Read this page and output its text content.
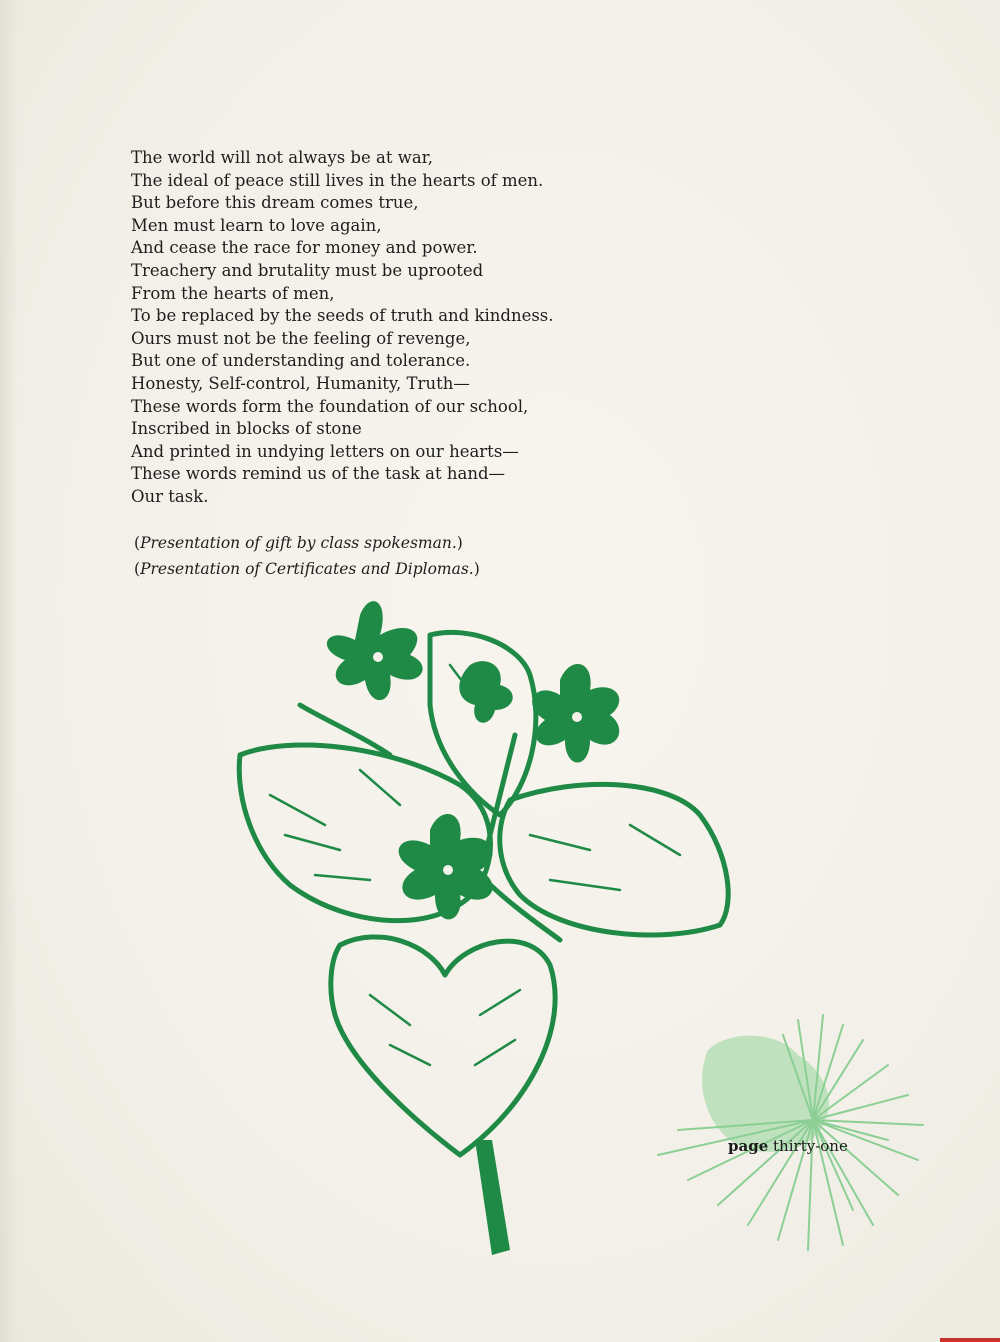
The world will not always be at war,
The ideal of peace still lives in the hearts of men.
But before this dream comes true,
Men must learn to love again,
And cease the race for money and power.
Treachery and brutality must be uprooted
From the hearts of men,
To be replaced by the seeds of truth and kindness.
Ours must not be the feeling of revenge,
But one of understanding and tolerance.
Honesty, Self-control, Humanity, Truth—
These words form the foundation of our school,
Inscribed in blocks of stone
And printed in undying letters on our hearts—
These words remind us of the task at hand—
Our task.
(Presentation of gift by class spokesman.)
(Presentation of Certificates and Diplomas.)
page thirty-one
